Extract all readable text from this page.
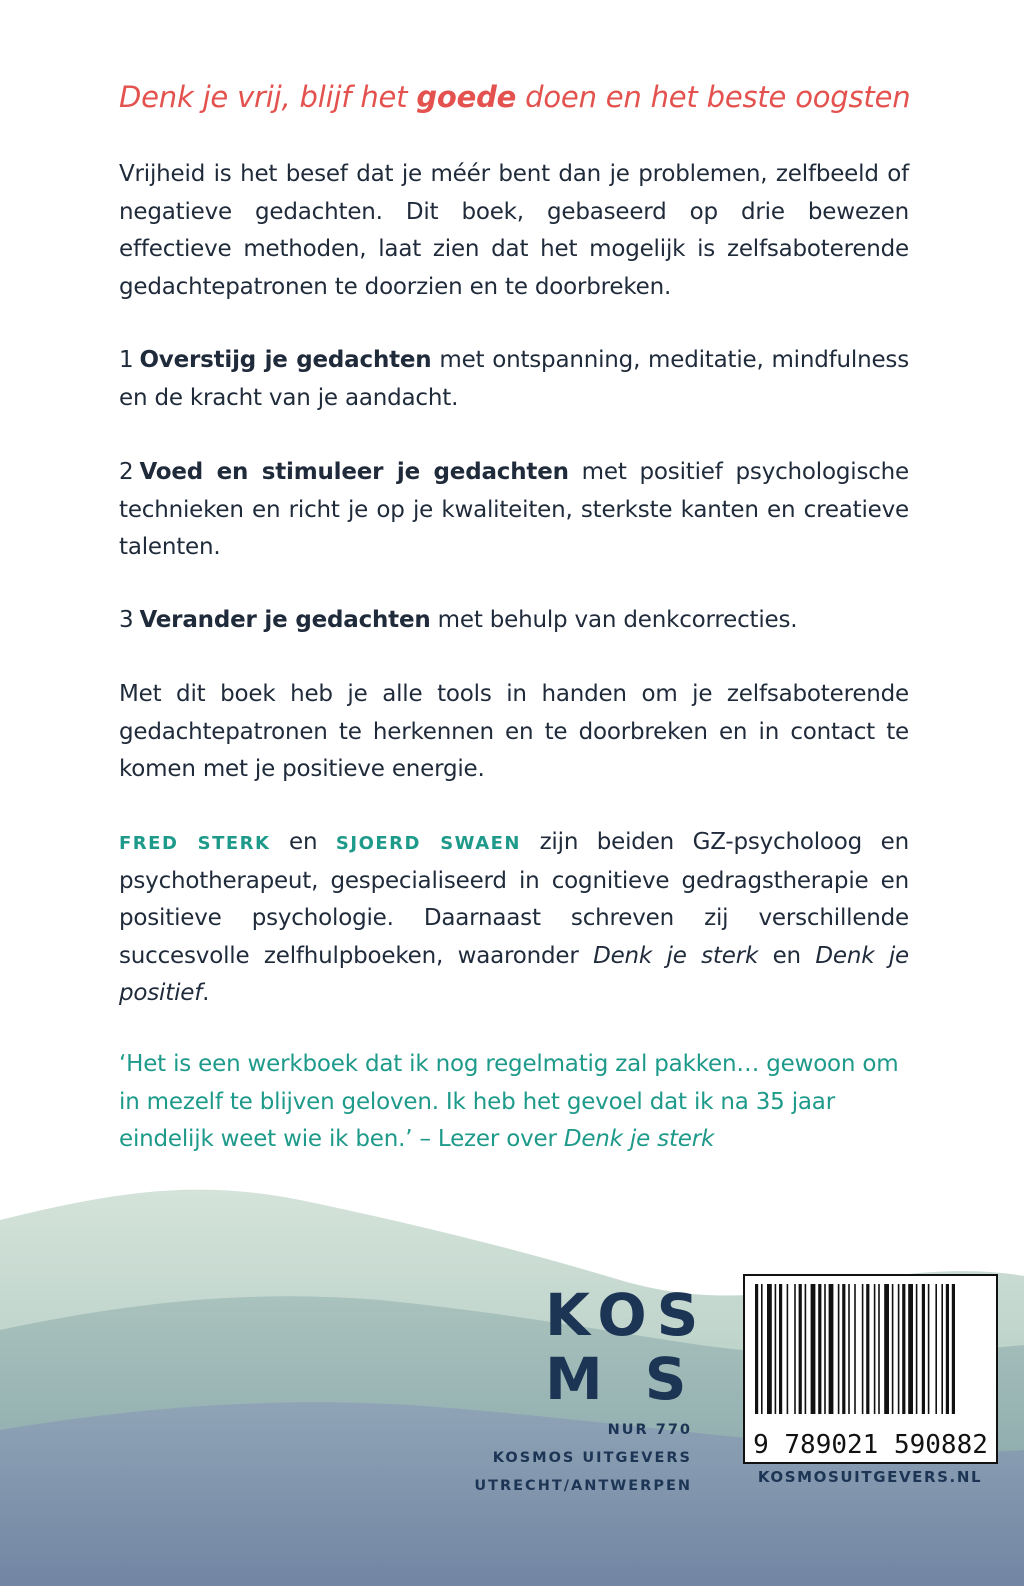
Denk je vrij, blijf het goede doen en het beste oogsten

Vrijheid is het besef dat je méér bent dan je problemen, zelfbeeld of negatieve gedachten. Dit boek, gebaseerd op drie bewezen effectieve methoden, laat zien dat het mogelijk is zelfsaboterende gedachtepatronen te doorzien en te doorbreken.

1 Overstijg je gedachten met ontspanning, meditatie, mindfulness en de kracht van je aandacht.

2 Voed en stimuleer je gedachten met positief psychologische technieken en richt je op je kwaliteiten, sterkste kanten en creatieve talenten.

3 Verander je gedachten met behulp van denkcorrecties.

Met dit boek heb je alle tools in handen om je zelfsaboterende gedachtepatronen te herkennen en te doorbreken en in contact te komen met je positieve energie.

FRED STERK en SJOERD SWAEN zijn beiden GZ-psycholoog en psychotherapeut, gespecialiseerd in cognitieve gedragstherapie en positieve psychologie. Daarnaast schreven zij verschillende succesvolle zelfhulpboeken, waaronder Denk je sterk en Denk je positief.

‘Het is een werkboek dat ik nog regelmatig zal pakken… gewoon om in mezelf te blijven geloven. Ik heb het gevoel dat ik na 35 jaar eindelijk weet wie ik ben.’ – Lezer over Denk je sterk

KOS
M S
NUR 770
KOSMOS UITGEVERS
UTRECHT/ANTWERPEN
9 789021 590882
KOSMOSUITGEVERS.NL
